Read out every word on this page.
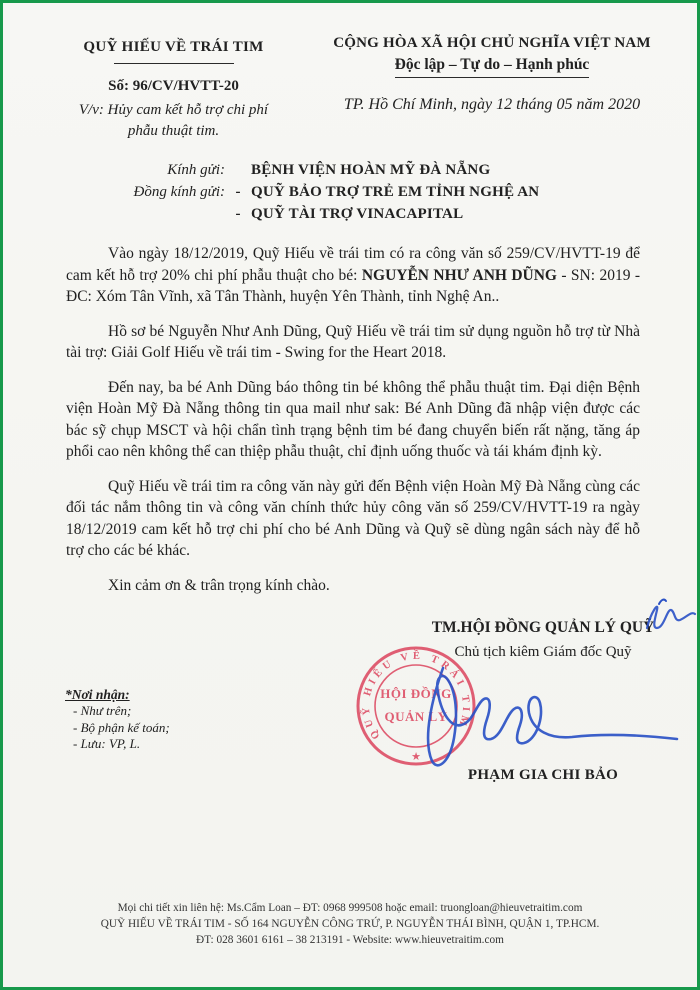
QUỸ HIẾU VỀ TRÁI TIM
Số: 96/CV/HVTT-20
V/v: Hủy cam kết hỗ trợ chi phí
phẫu thuật tim.
CỘNG HÒA XÃ HỘI CHỦ NGHĨA VIỆT NAM
Độc lập – Tự do – Hạnh phúc
TP. Hồ Chí Minh, ngày 12 tháng 05 năm 2020
Kính gửi: BỆNH VIỆN HOÀN MỸ ĐÀ NẴNG
Đồng kính gửi: - QUỸ BẢO TRỢ TRẺ EM TỈNH NGHỆ AN
- QUỸ TÀI TRỢ VINACAPITAL

Vào ngày 18/12/2019, Quỹ Hiếu về trái tim có ra công văn số 259/CV/HVTT-19 để cam kết hỗ trợ 20% chi phí phẫu thuật cho bé: NGUYỄN NHƯ ANH DŨNG - SN: 2019 - ĐC: Xóm Tân Vĩnh, xã Tân Thành, huyện Yên Thành, tỉnh Nghệ An..

Hồ sơ bé Nguyễn Như Anh Dũng, Quỹ Hiếu về trái tim sử dụng nguồn hỗ trợ từ Nhà tài trợ: Giải Golf Hiếu về trái tim - Swing for the Heart 2018.

Đến nay, ba bé Anh Dũng báo thông tin bé không thể phẫu thuật tim. Đại diện Bệnh viện Hoàn Mỹ Đà Nẵng thông tin qua mail như sak: Bé Anh Dũng đã nhập viện được các bác sỹ chụp MSCT và hội chẩn tình trạng bệnh tim bé đang chuyển biến rất nặng, tăng áp phổi cao nên không thể can thiệp phẫu thuật, chỉ định uống thuốc và tái khám định kỳ.

Quỹ Hiếu về trái tim ra công văn này gửi đến Bệnh viện Hoàn Mỹ Đà Nẵng cùng các đối tác nắm thông tin và công văn chính thức hủy công văn số 259/CV/HVTT-19 ra ngày 18/12/2019 cam kết hỗ trợ chi phí cho bé Anh Dũng và Quỹ sẽ dùng ngân sách này để hỗ trợ cho các bé khác.

Xin cảm ơn & trân trọng kính chào.

TM.HỘI ĐỒNG QUẢN LÝ QUỸ
Chủ tịch kiêm Giám đốc Quỹ
QUỸ HIẾU VỀ TRÁI TIM
HỘI ĐỒNG
QUẢN LÝ
★
PHẠM GIA CHI BẢO
*Nơi nhận:
- Như trên;
- Bộ phận kế toán;
- Lưu: VP, L.
Mọi chi tiết xin liên hệ: Ms.Cẩm Loan – ĐT: 0968 999508 hoặc email: truongloan@hieuvetraitim.com
QUỸ HIẾU VỀ TRÁI TIM - SỐ 164 NGUYỄN CÔNG TRỨ, P. NGUYỄN THÁI BÌNH, QUẬN 1, TP.HCM.
ĐT: 028 3601 6161 – 38 213191 - Website: www.hieuvetraitim.com
